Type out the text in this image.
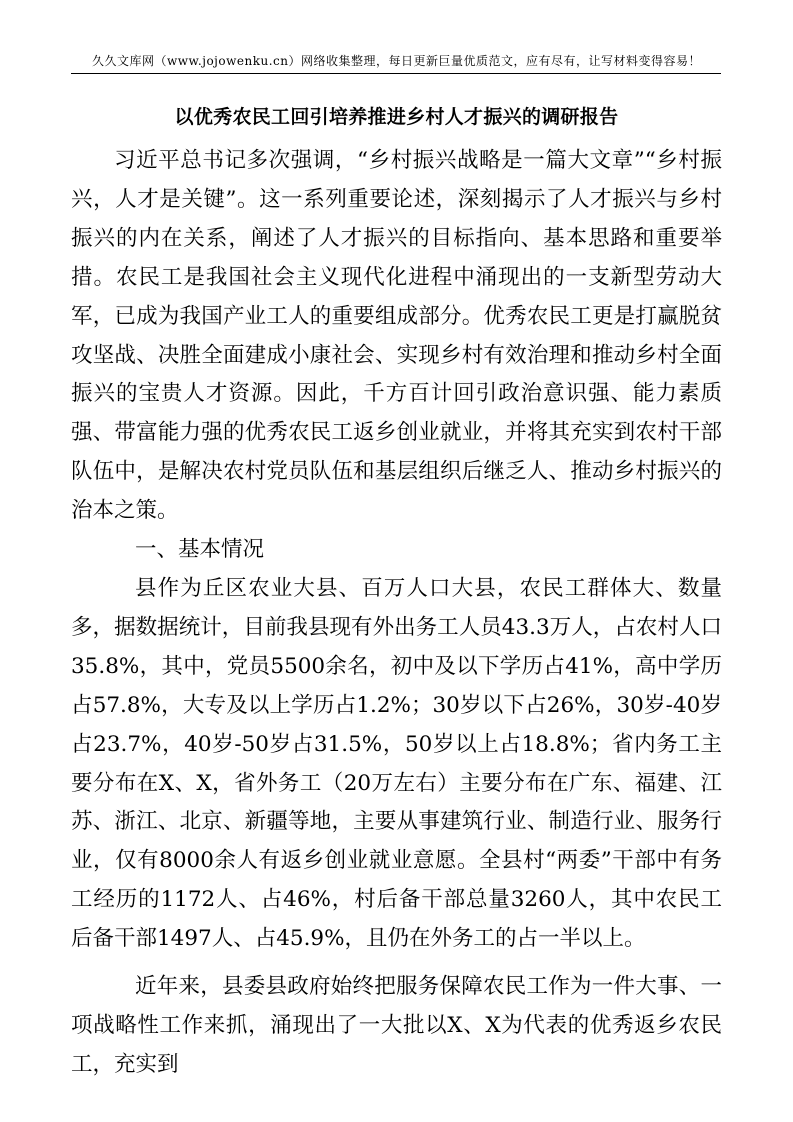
久久文库网（www.jojowenku.cn）网络收集整理，每日更新巨量优质范文，应有尽有，让写材料变得容易！
以优秀农民工回引培养推进乡村人才振兴的调研报告

习近平总书记多次强调，“乡村振兴战略是一篇大文章”“乡村振兴，人才是关键”。这一系列重要论述，深刻揭示了人才振兴与乡村振兴的内在关系，阐述了人才振兴的目标指向、基本思路和重要举措。农民工是我国社会主义现代化进程中涌现出的一支新型劳动大军，已成为我国产业工人的重要组成部分。优秀农民工更是打赢脱贫攻坚战、决胜全面建成小康社会、实现乡村有效治理和推动乡村全面振兴的宝贵人才资源。因此，千方百计回引政治意识强、能力素质强、带富能力强的优秀农民工返乡创业就业，并将其充实到农村干部队伍中，是解决农村党员队伍和基层组织后继乏人、推动乡村振兴的治本之策。

一、基本情况

县作为丘区农业大县、百万人口大县，农民工群体大、数量多，据数据统计，目前我县现有外出务工人员43.3万人，占农村人口35.8%，其中，党员5500余名，初中及以下学历占41%，高中学历占57.8%，大专及以上学历占1.2%；30岁以下占26%，30岁-40岁占23.7%，40岁-50岁占31.5%，50岁以上占18.8%；省内务工主要分布在X、X，省外务工（20万左右）主要分布在广东、福建、江苏、浙江、北京、新疆等地，主要从事建筑行业、制造行业、服务行业，仅有8000余人有返乡创业就业意愿。全县村“两委”干部中有务工经历的1172人、占46%，村后备干部总量3260人，其中农民工后备干部1497人、占45.9%，且仍在外务工的占一半以上。

近年来，县委县政府始终把服务保障农民工作为一件大事、一项战略性工作来抓，涌现出了一大批以X、X为代表的优秀返乡农民工，充实到
